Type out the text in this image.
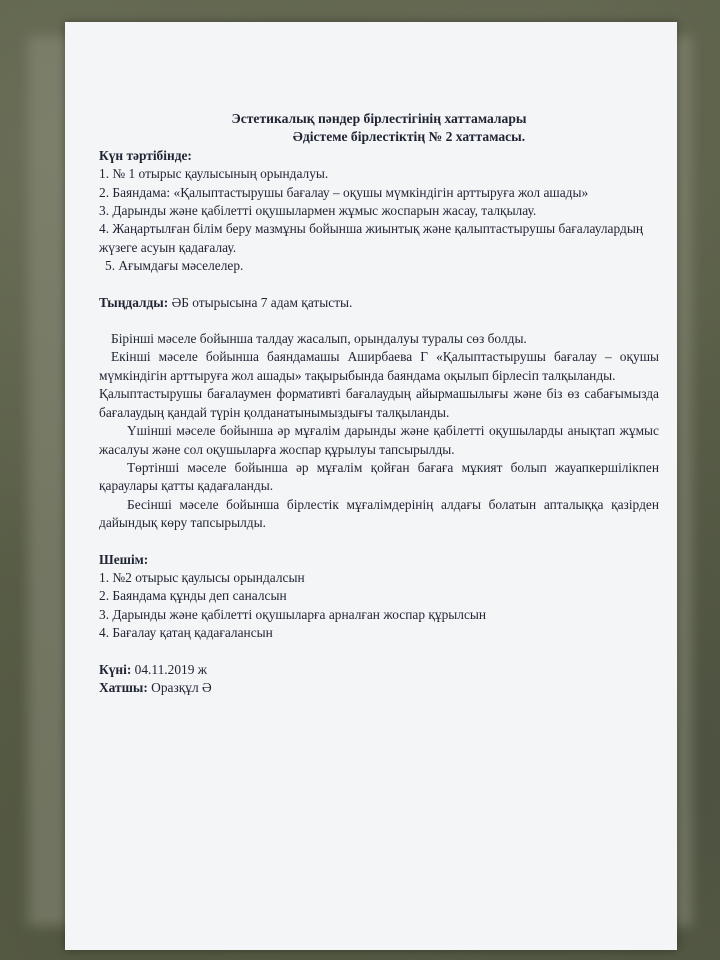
Эстетикалық пәндер бірлестігінің хаттамалары

Әдістеме бірлестіктің № 2 хаттамасы.

Күн тәртібінде:

1. № 1 отырыс қаулысының орындалуы.

2. Баяндама: «Қалыптастырушы бағалау – оқушы мүмкіндігін арттыруға жол ашады»

3. Дарынды және қабілетті оқушылармен жұмыс жоспарын жасау, талқылау.

4. Жаңартылған білім беру мазмұны бойынша жиынтық және қалыптастырушы бағалаулардың жүзеге асуын қадағалау.

5. Ағымдағы мәселелер.

Тыңдалды: ӘБ отырысына 7 адам қатысты.

Бірінші мәселе бойынша талдау жасалып, орындалуы туралы сөз болды.

Екінші мәселе бойынша баяндамашы Аширбаева Г «Қалыптастырушы бағалау – оқушы мүмкіндігін арттыруға жол ашады» тақырыбында баяндама оқылып бірлесіп талқыланды.

Қалыптастырушы бағалаумен формативті бағалаудың айырмашылығы және біз өз сабағымызда бағалаудың қандай түрін қолданатынымыздығы талқыланды.

Үшінші мәселе бойынша әр мұғалім дарынды және қабілетті оқушыларды анықтап жұмыс жасалуы және сол оқушыларға жоспар құрылуы тапсырылды.

Төртінші мәселе бойынша әр мұғалім қойған бағаға мұкият болып жауапкершілікпен қараулары қатты қадағаланды.

Бесінші мәселе бойынша бірлестік мұғалімдерінің алдағы болатын апталыққа қазірден дайындық көру тапсырылды.

Шешім:

1. №2 отырыс қаулысы орындалсын

2. Баяндама құнды деп саналсын

3. Дарынды және қабілетті оқушыларға арналған жоспар құрылсын

4. Бағалау қатаң қадағалансын

Күні: 04.11.2019 ж

Хатшы: Оразқұл Ә
